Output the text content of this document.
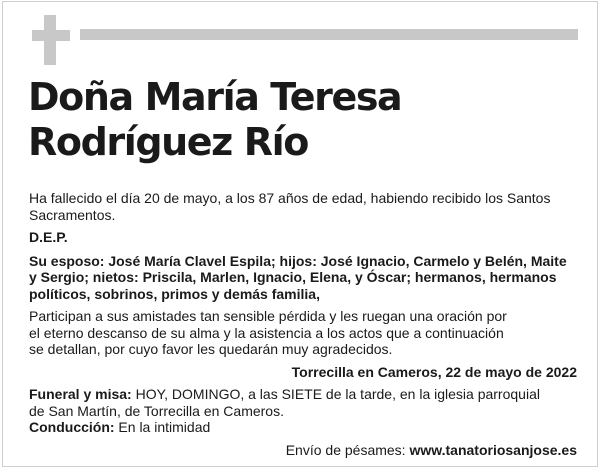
Doña María Teresa
Rodríguez Río

Ha fallecido el día 20 de mayo, a los 87 años de edad, habiendo recibido los Santos Sacramentos.

D.E.P.

Su esposo: José María Clavel Espila; hijos: José Ignacio, Carmelo y Belén, Maite y Sergio; nietos: Priscila, Marlen, Ignacio, Elena, y Óscar; hermanos, hermanos políticos, sobrinos, primos y demás familia,

Participan a sus amistades tan sensible pérdida y les ruegan una oración por
el eterno descanso de su alma y la asistencia a los actos que a continuación
se detallan, por cuyo favor les quedarán muy agradecidos.

Torrecilla en Cameros, 22 de mayo de 2022

Funeral y misa: HOY, DOMINGO, a las SIETE de la tarde, en la iglesia parroquial
de San Martín, de Torrecilla en Cameros.

Conducción: En la intimidad

Envío de pésames: www.tanatoriosanjose.es
